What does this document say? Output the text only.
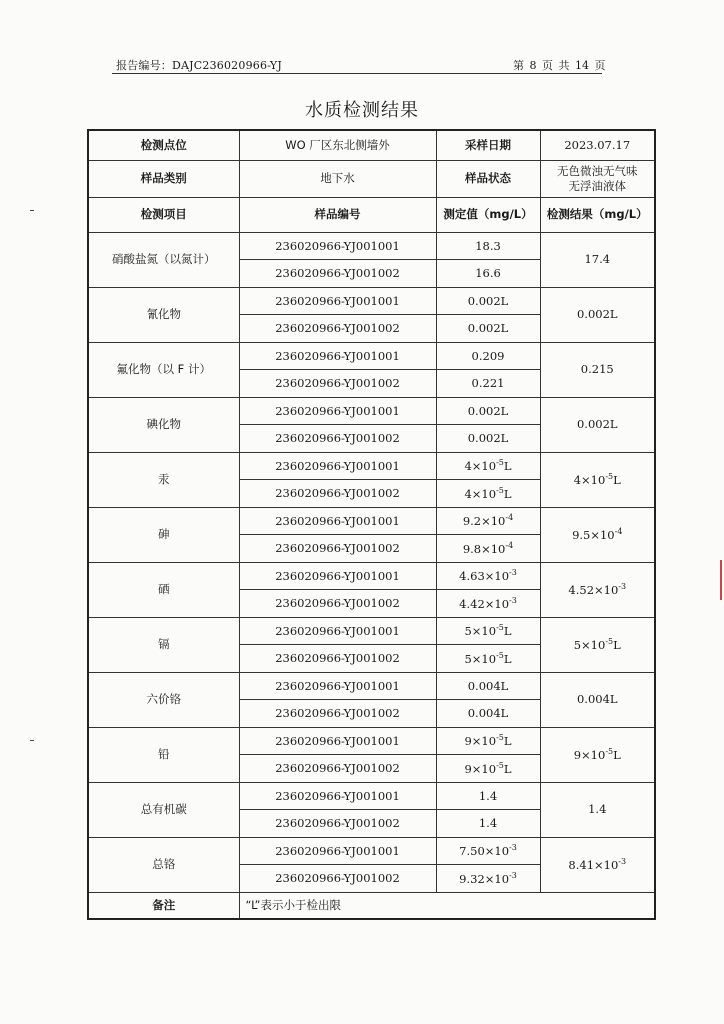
报告编号：DAJC236020966-YJ	第 8 页 共 14 页
水质检测结果
检测点位	WO 厂区东北侧墙外	采样日期	2023.07.17
样品类别	地下水	样品状态	无色微浊无气味
无浮油液体

检测项目	样品编号	测定值（mg/L）	检测结果（mg/L）
硝酸盐氮（以氮计）	236020966-YJ001001	18.3	17.4
	236020966-YJ001002	16.6	
氰化物	236020966-YJ001001	0.002L	0.002L
	236020966-YJ001002	0.002L	
氟化物（以 F 计）	236020966-YJ001001	0.209	0.215
	236020966-YJ001002	0.221	
碘化物	236020966-YJ001001	0.002L	0.002L
	236020966-YJ001002	0.002L	
汞	236020966-YJ001001	$4\times 10^{-5}L$	$4\times 10^{-5}L$
	236020966-YJ001002	$4\times 10^{-5}L$	
砷	236020966-YJ001001	$9.2\times 10^{-4}$	$9.5\times 10^{-4}$
	236020966-YJ001002	$9.8\times 10^{-4}$
硒	236020966-YJ001001	$4.63\times 10^{-3}$	$4.52\times 10^{-3}$
	236020966-YJ001002	$4.42\times 10^{-3}$
镉	236020966-YJ001001	$5\times 10^{-5}L$	$5\times 10^{-5}L$
	236020966-YJ001002	$5\times 10^{-5}L$	
六价铬	236020966-YJ001001	0.004L	0.004L
	236020966-YJ001002	0.004L	
铅	236020966-YJ001001	$9\times 10^{-5}L$	$9\times 10^{-5}L$
	236020966-YJ001002	$9\times 10^{-5}L$	
总有机碳	236020966-YJ001001	1.4	1.4
	236020966-YJ001002	1.4	
总铬	236020966-YJ001001	$7.50\times 10^{-3}$	$8.41\times 10^{-3}$
	236020966-YJ001002	$9.32\times 10^{-3}$
备注	“L”表示小于检出限		
